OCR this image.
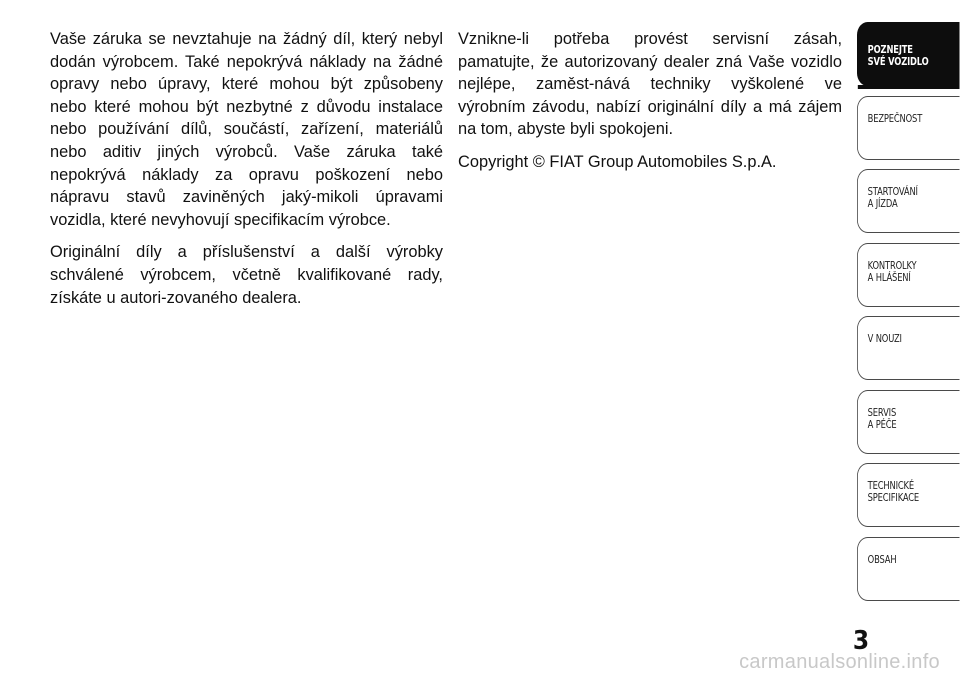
Vaše záruka se nevztahuje na žádný díl, který nebyl dodán výrobcem. Také nepokrývá náklady na žádné opravy nebo úpravy, které mohou být způsobeny nebo které mohou být nezbytné z důvodu instalace nebo používání dílů, součástí, zařízení, materiálů nebo aditiv jiných výrobců. Vaše záruka také nepokrývá náklady za opravu poškození nebo nápravu stavů zaviněných jaký-mikoli úpravami vozidla, které nevyhovují specifikacím výrobce.

Originální díly a příslušenství a další výrobky schválené výrobcem, včetně kvalifikované rady, získáte u autori-zovaného dealera.

Vznikne-li potřeba provést servisní zásah, pamatujte, že autorizovaný dealer zná Vaše vozidlo nejlépe, zaměst-nává techniky vyškolené ve výrobním závodu, nabízí originální díly a má zájem na tom, abyste byli spokojeni.

Copyright © FIAT Group Automobiles S.p.A.

POZNEJTE
SVÉ VOZIDLO
BEZPEČNOST
STARTOVÁNÍ
A JÍZDA
KONTROLKY
A HLÁŠENÍ
V NOUZI
SERVIS
A PÉČE
TECHNICKÉ
SPECIFIKACE
OBSAH
3
carmanualsonline.info
